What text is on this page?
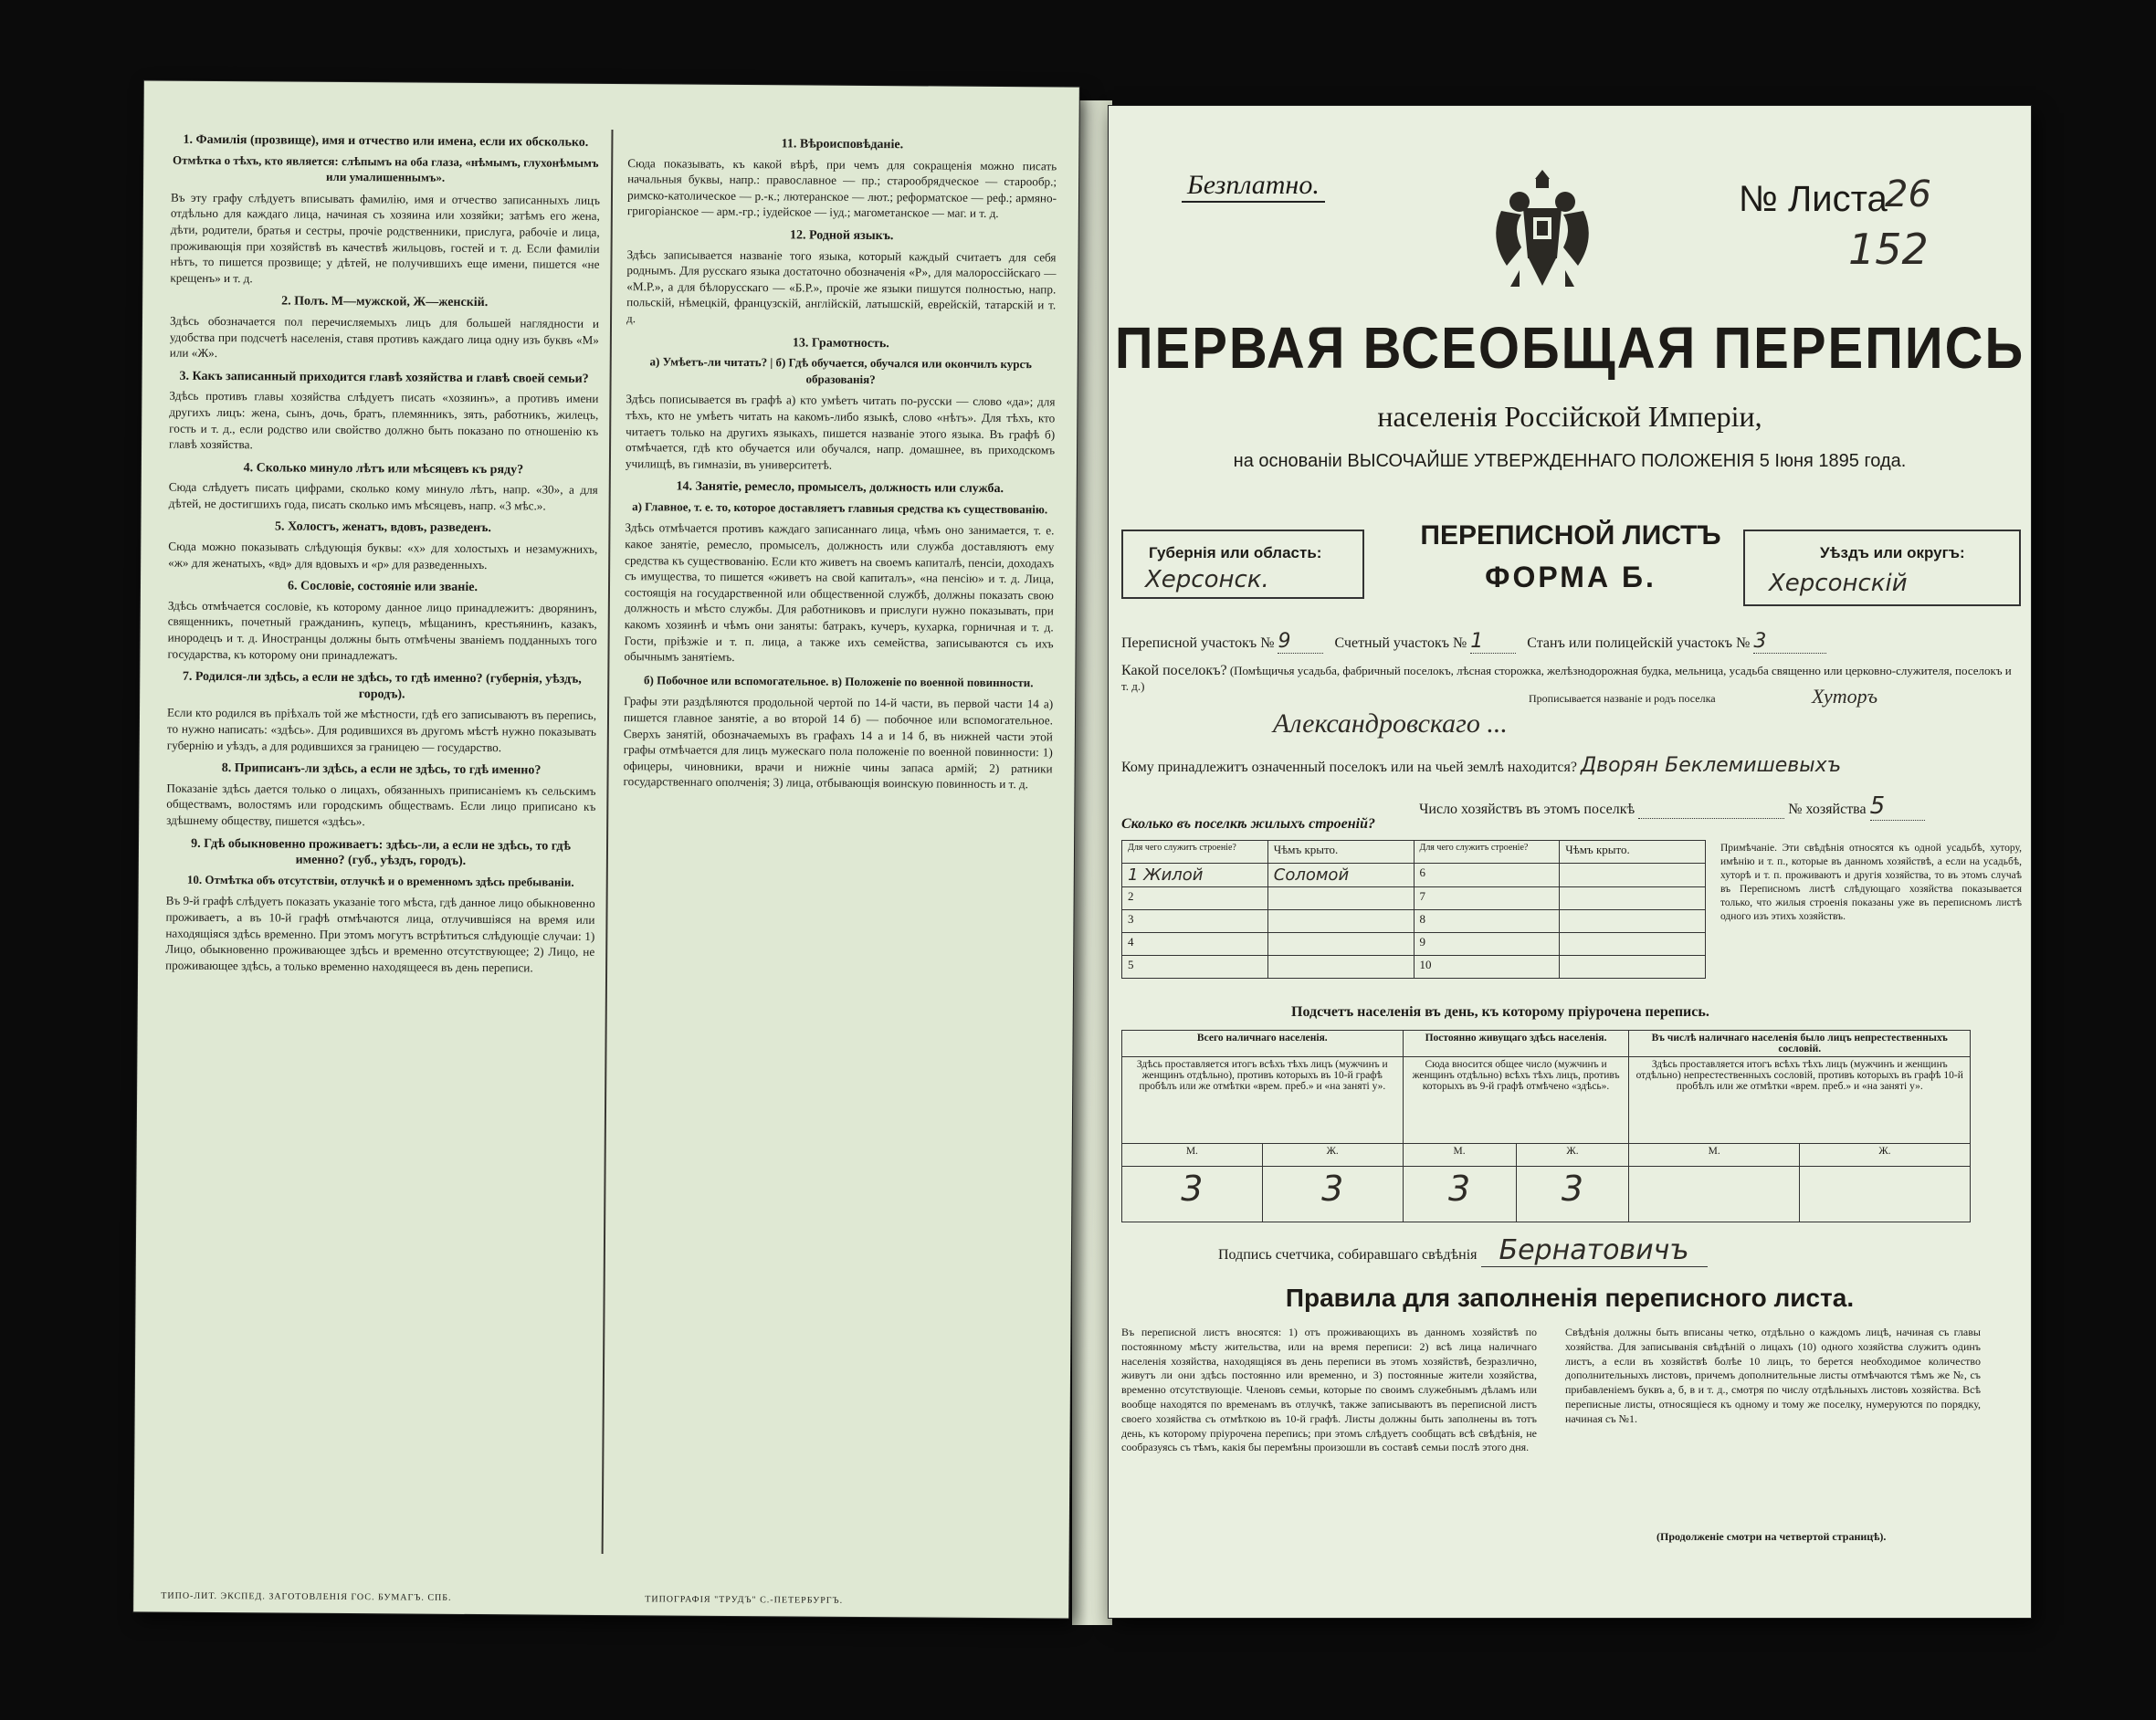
1. Фамилія (прозвище), имя и отчество или имена, если их обсколько.
Отмѣтка о тѣхъ, кто является: слѣпымъ на оба глаза, «нѣмымъ, глухонѣмымъ или умалишеннымъ».

Въ эту графу слѣдуетъ вписывать фамилію, имя и отчество записанныхъ лицъ отдѣльно для каждаго лица, начиная съ хозяина или хозяйки; затѣмъ его жена, дѣти, родители, братья и сестры, прочіе родственники, прислуга, рабочіе и лица, проживающія при хозяйствѣ въ качествѣ жильцовъ, гостей и т. д. Если фамиліи нѣтъ, то пишется прозвище; у дѣтей, не получившихъ еще имени, пишется «не крещенъ» и т. д.

2. Полъ. М—мужской, Ж—женскій.

Здѣсь обозначается пол перечисляемыхъ лицъ для большей наглядности и удобства при подсчетѣ населенія, ставя противъ каждаго лица одну изъ буквъ «М» или «Ж».

3. Какъ записанный приходится главѣ хозяйства и главѣ своей семьи?

Здѣсь противъ главы хозяйства слѣдуетъ писать «хозяинъ», а противъ имени другихъ лицъ: жена, сынъ, дочь, братъ, племянникъ, зять, работникъ, жилецъ, гость и т. д., если родство или свойство должно быть показано по отношенію къ главѣ хозяйства.

4. Сколько минуло лѣтъ или мѣсяцевъ къ ряду?

Сюда слѣдуетъ писать цифрами, сколько кому минуло лѣтъ, напр. «30», а для дѣтей, не достигшихъ года, писать сколько имъ мѣсяцевъ, напр. «3 мѣс.».

5. Холостъ, женатъ, вдовъ, разведенъ.

Сюда можно показывать слѣдующія буквы: «х» для холостыхъ и незамужнихъ, «ж» для женатыхъ, «вд» для вдовыхъ и «р» для разведенныхъ.

6. Сословіе, состояніе или званіе.

Здѣсь отмѣчается сословіе, къ которому данное лицо принадлежитъ: дворянинъ, священникъ, почетный гражданинъ, купецъ, мѣщанинъ, крестьянинъ, казакъ, инородецъ и т. д. Иностранцы должны быть отмѣчены званіемъ подданныхъ того государства, къ которому они принадлежатъ.

7. Родился-ли здѣсь, а если не здѣсь, то гдѣ именно? (губернія, уѣздъ, городъ).

Если кто родился въ пріѣхалъ той же мѣстности, гдѣ его записываютъ въ перепись, то нужно написать: «здѣсь». Для родившихся въ другомъ мѣстѣ нужно показывать губернію и уѣздъ, а для родившихся за границею — государство.

8. Приписанъ-ли здѣсь, а если не здѣсь, то гдѣ именно?

Показаніе здѣсь дается только о лицахъ, обязанныхъ приписаніемъ къ сельскимъ обществамъ, волостямъ или городскимъ обществамъ. Если лицо приписано къ здѣшнему обществу, пишется «здѣсь».

9. Гдѣ обыкновенно проживаетъ: здѣсь-ли, а если не здѣсь, то гдѣ именно? (губ., уѣздъ, городъ).
10. Отмѣтка объ отсутствіи, отлучкѣ и о временномъ здѣсь пребываніи.

Въ 9-й графѣ слѣдуетъ показать указаніе того мѣста, гдѣ данное лицо обыкновенно проживаетъ, а въ 10-й графѣ отмѣчаются лица, отлучившіяся на время или находящіяся здѣсь временно. При этомъ могутъ встрѣтиться слѣдующіе случаи: 1) Лицо, обыкновенно проживающее здѣсь и временно отсутствующее; 2) Лицо, не проживающее здѣсь, а только временно находящееся въ день переписи.

11. Вѣроисповѣданіе.

Сюда показывать, къ какой вѣрѣ, при чемъ для сокращенія можно писать начальныя буквы, напр.: православное — пр.; старообрядческое — старообр.; римско-католическое — р.-к.; лютеранское — лют.; реформатское — реф.; армяно-григоріанское — арм.-гр.; іудейское — іуд.; магометанское — маг. и т. д.

12. Родной языкъ.

Здѣсь записывается названіе того языка, который каждый считаетъ для себя роднымъ. Для русскаго языка достаточно обозначенія «Р», для малороссійскаго — «М.Р.», а для бѣлорусскаго — «Б.Р.», прочіе же языки пишутся полностью, напр. польскій, нѣмецкій, французскій, англійскій, латышскій, еврейскій, татарскій и т. д.

13. Грамотность.
а) Умѣетъ-ли читать? | б) Гдѣ обучается, обучался или окончилъ курсъ образованія?

Здѣсь пописывается въ графѣ а) кто умѣетъ читать по-русски — слово «да»; для тѣхъ, кто не умѣетъ читать на какомъ-либо языкѣ, слово «нѣтъ». Для тѣхъ, кто читаетъ только на другихъ языкахъ, пишется названіе этого языка. Въ графѣ б) отмѣчается, гдѣ кто обучается или обучался, напр. домашнее, въ приходскомъ училищѣ, въ гимназіи, въ университетѣ.

14. Занятіе, ремесло, промыселъ, должность или служба.
а) Главное, т. е. то, которое доставляетъ главныя средства къ существованію.

Здѣсь отмѣчается противъ каждаго записаннаго лица, чѣмъ оно занимается, т. е. какое занятіе, ремесло, промыселъ, должность или служба доставляютъ ему средства къ существованію. Если кто живетъ на своемъ капиталѣ, пенсіи, доходахъ съ имущества, то пишется «живетъ на свой капиталъ», «на пенсію» и т. д. Лица, состоящія на государственной или общественной службѣ, должны показать свою должность и мѣсто службы. Для работниковъ и прислуги нужно показывать, при какомъ хозяинѣ и чѣмъ они заняты: батракъ, кучеръ, кухарка, горничная и т. д. Гости, пріѣзжіе и т. п. лица, а также ихъ семейства, записываются съ ихъ обычнымъ занятіемъ.

б) Побочное или вспомогательное. в) Положеніе по военной повинности.

Графы эти раздѣляются продольной чертой по 14-й части, въ первой части 14 а) пишется главное занятіе, а во второй 14 б) — побочное или вспомогательное. Сверхъ занятій, обозначаемыхъ въ графахъ 14 а и 14 б, въ нижней части этой графы отмѣчается для лицъ мужескаго пола положеніе по военной повинности: 1) офицеры, чиновники, врачи и нижніе чины запаса армій; 2) ратники государственнаго ополченія; 3) лица, отбывающія воинскую повинность и т. д.

ТИПО-ЛИТ. ЭКСПЕД. ЗАГОТОВЛЕНІЯ ГОС. БУМАГЪ. СПБ.	ТИПОГРАФІЯ "ТРУДЪ" С.-ПЕТЕРБУРГЪ.
Безплатно.	№ Листа
26
152
ПЕРВАЯ ВСЕОБЩАЯ ПЕРЕПИСЬ
населенія Россійской Имперіи,
на основаніи ВЫСОЧАЙШЕ УТВЕРЖДЕННАГО ПОЛОЖЕНІЯ 5 Іюня 1895 года.
Губернія или область:
Херсонск.
ПЕРЕПИСНОЙ ЛИСТЪ
ФОРМА Б.
Уѣздъ или округъ:
Херсонскій
Переписной участокъ № 9	Счетный участокъ № 1	Станъ или полицейскій участокъ № 3
Какой поселокъ? (Помѣщичья усадьба, фабричный поселокъ, лѣсная сторожка, желѣзнодорожная будка, мельница, усадьба священно или церковно-служителя, поселокъ и т. д.)
Прописывается названіе и родъ поселка	Хуторъ
Александровскаго ...
Кому принадлежитъ означенный поселокъ или на чьей землѣ находится? Дворян Беклемишевыхъ
Число хозяйствъ въ этомъ поселкѣ	№ хозяйства 5
Сколько въ поселкѣ жилыхъ строеній?
Для чего служитъ строеніе?	Чѣмъ крыто.	Для чего служитъ строеніе?	Чѣмъ крыто.
1 Жилой	Соломой	6	
2		7	
3		8	
4		9	
5		10	
Примѣчаніе. Эти свѣдѣнія относятся къ одной усадьбѣ, хутору, имѣнію и т. п., которые въ данномъ хозяйствѣ, а если на усадьбѣ, хуторѣ и т. п. проживаютъ и другія хозяйства, то въ этомъ случаѣ въ Переписномъ листѣ слѣдующаго хозяйства показывается только, что жилыя строенія показаны уже въ переписномъ листѣ одного изъ этихъ хозяйствъ.
Подсчетъ населенія въ день, къ которому пріурочена перепись.
Всего наличнаго населенія.		Постоянно живущаго здѣсь населенія.		Въ числѣ наличнаго населенія было лицъ непрестественныхъ сословій.	
Здѣсь проставляется итогъ всѣхъ тѣхъ лицъ (мужчинъ и женщинъ отдѣльно), противъ которыхъ въ 10-й графѣ пробѣлъ или же отмѣтки «врем. преб.» и «на заняті у».		Сюда вносится общее число (мужчинъ и женщинъ отдѣльно) всѣхъ тѣхъ лицъ, противъ которыхъ въ 9-й графѣ отмѣчено «здѣсь».		Здѣсь проставляется итогъ всѣхъ тѣхъ лицъ (мужчинъ и женщинъ отдѣльно) непрестественныхъ сословій, противъ которыхъ въ графѣ 10-й пробѣлъ или же отмѣтки «врем. преб.» и «на заняті у».	
М.	Ж.	М.	Ж.	М.	Ж.
3	3	3	3		
Подпись счетчика, собиравшаго свѣдѣнія Бернатовичъ
Правила для заполненія переписного листа.
Въ переписной листъ вносятся: 1) отъ проживающихъ въ данномъ хозяйствѣ по постоянному мѣсту жительства, или на время переписи: 2) всѣ лица наличнаго населенія хозяйства, находящіяся въ день переписи въ этомъ хозяйствѣ, безразлично, живутъ ли они здѣсь постоянно или временно, и 3) постоянные жители хозяйства, временно отсутствующіе. Членовъ семьи, которые по своимъ служебнымъ дѣламъ или вообще находятся по временамъ въ отлучкѣ, также записываютъ въ переписной листъ своего хозяйства съ отмѣткою въ 10-й графѣ. Листы должны быть заполнены въ тотъ день, къ которому пріурочена перепись; при этомъ слѣдуетъ сообщать всѣ свѣдѣнія, не сообразуясь съ тѣмъ, какія бы перемѣны произошли въ составѣ семьи послѣ этого дня.
Свѣдѣнія должны быть вписаны четко, отдѣльно о каждомъ лицѣ, начиная съ главы хозяйства. Для записыванія свѣдѣній о лицахъ (10) одного хозяйства служитъ одинъ листъ, а если въ хозяйствѣ болѣе 10 лицъ, то берется необходимое количество дополнительныхъ листовъ, причемъ дополнительные листы отмѣчаются тѣмъ же №, съ прибавленіемъ буквъ а, б, в и т. д., смотря по числу отдѣльныхъ листовъ хозяйства. Всѣ переписные листы, относящіеся къ одному и тому же поселку, нумеруются по порядку, начиная съ №1.
(Продолженіе смотри на четвертой страницѣ).
